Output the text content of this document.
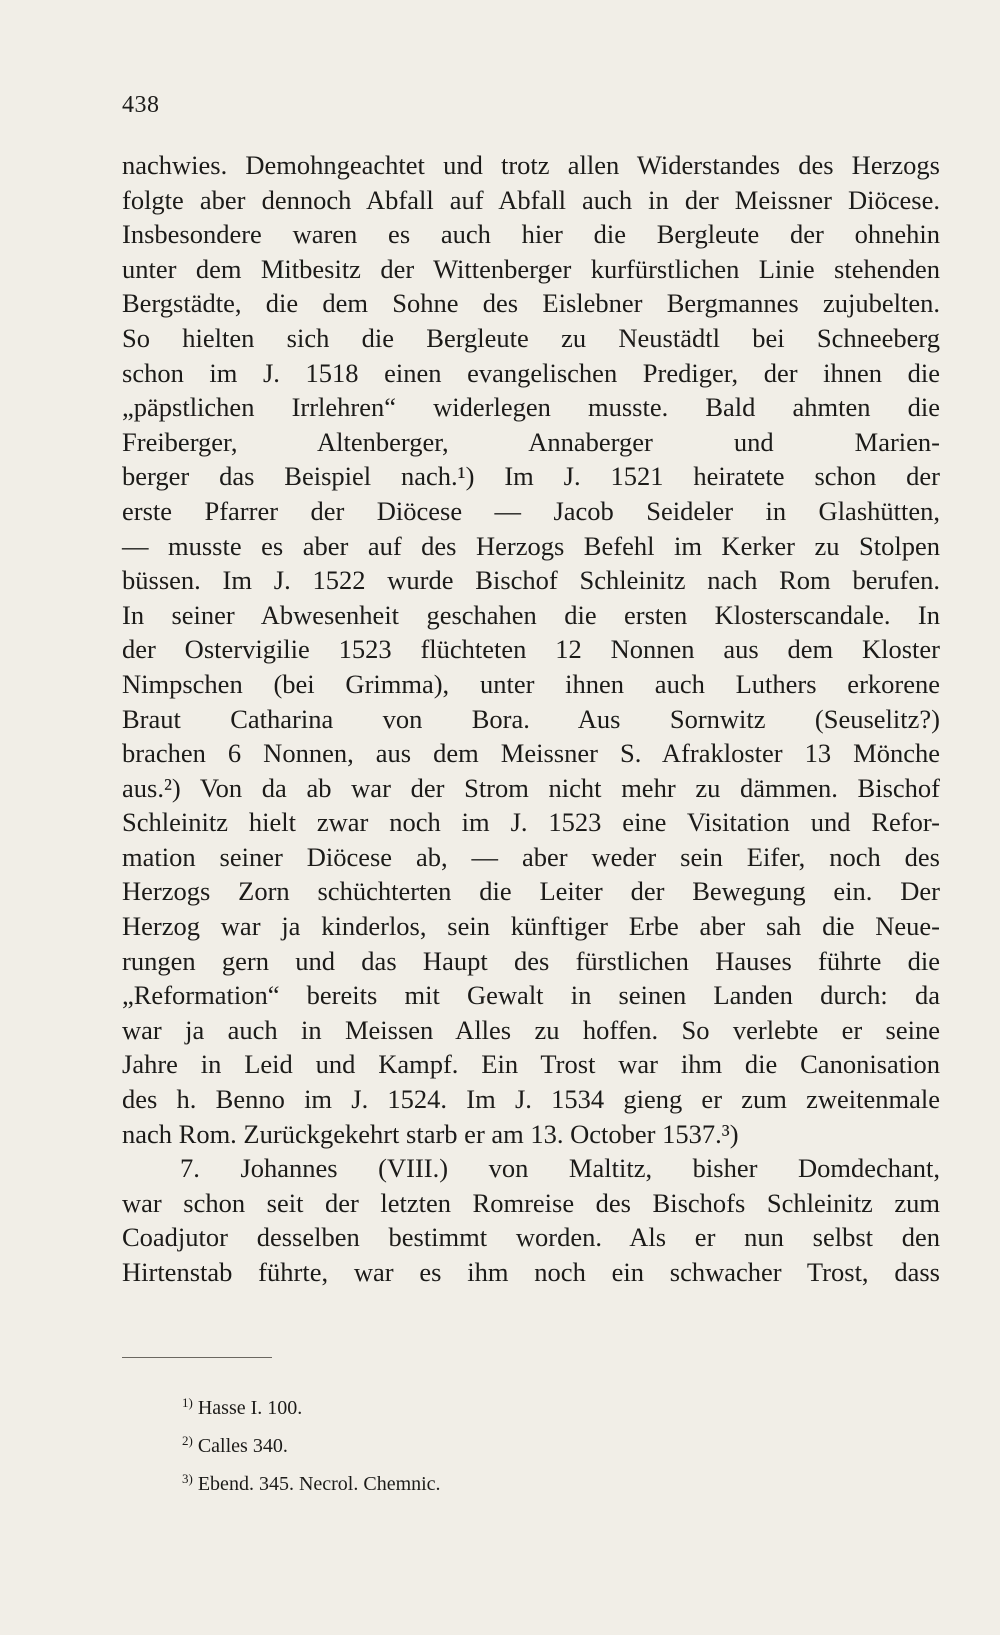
438
nachwies. Demohngeachtet und trotz allen Widerstandes des Herzogs
folgte aber dennoch Abfall auf Abfall auch in der Meissner Diöcese.
Insbesondere waren es auch hier die Bergleute der ohnehin
unter dem Mitbesitz der Wittenberger kurfürstlichen Linie stehenden
Bergstädte, die dem Sohne des Eislebner Bergmannes zujubelten.
So hielten sich die Bergleute zu Neustädtl bei Schneeberg
schon im J. 1518 einen evangelischen Prediger, der ihnen die
„päpstlichen Irrlehren“ widerlegen musste. Bald ahmten die
Freiberger, Altenberger, Annaberger und Marien-
berger das Beispiel nach.¹) Im J. 1521 heiratete schon der
erste Pfarrer der Diöcese — Jacob Seideler in Glashütten,
— musste es aber auf des Herzogs Befehl im Kerker zu Stolpen
büssen. Im J. 1522 wurde Bischof Schleinitz nach Rom berufen.
In seiner Abwesenheit geschahen die ersten Klosterscandale. In
der Ostervigilie 1523 flüchteten 12 Nonnen aus dem Kloster
Nimpschen (bei Grimma), unter ihnen auch Luthers erkorene
Braut Catharina von Bora. Aus Sornwitz (Seuselitz?)
brachen 6 Nonnen, aus dem Meissner S. Afrakloster 13 Mönche
aus.²) Von da ab war der Strom nicht mehr zu dämmen. Bischof
Schleinitz hielt zwar noch im J. 1523 eine Visitation und Refor-
mation seiner Diöcese ab, — aber weder sein Eifer, noch des
Herzogs Zorn schüchterten die Leiter der Bewegung ein. Der
Herzog war ja kinderlos, sein künftiger Erbe aber sah die Neue-
rungen gern und das Haupt des fürstlichen Hauses führte die
„Reformation“ bereits mit Gewalt in seinen Landen durch: da
war ja auch in Meissen Alles zu hoffen. So verlebte er seine
Jahre in Leid und Kampf. Ein Trost war ihm die Canonisation
des h. Benno im J. 1524. Im J. 1534 gieng er zum zweitenmale
nach Rom. Zurückgekehrt starb er am 13. October 1537.³)
7. Johannes (VIII.) von Maltitz, bisher Domdechant,
war schon seit der letzten Romreise des Bischofs Schleinitz zum
Coadjutor desselben bestimmt worden. Als er nun selbst den
Hirtenstab führte, war es ihm noch ein schwacher Trost, dass
$^{1)}$ Hasse I. 100.
$^{2)}$ Calles 340.
$^{3)}$ Ebend. 345. Necrol. Chemnic.
